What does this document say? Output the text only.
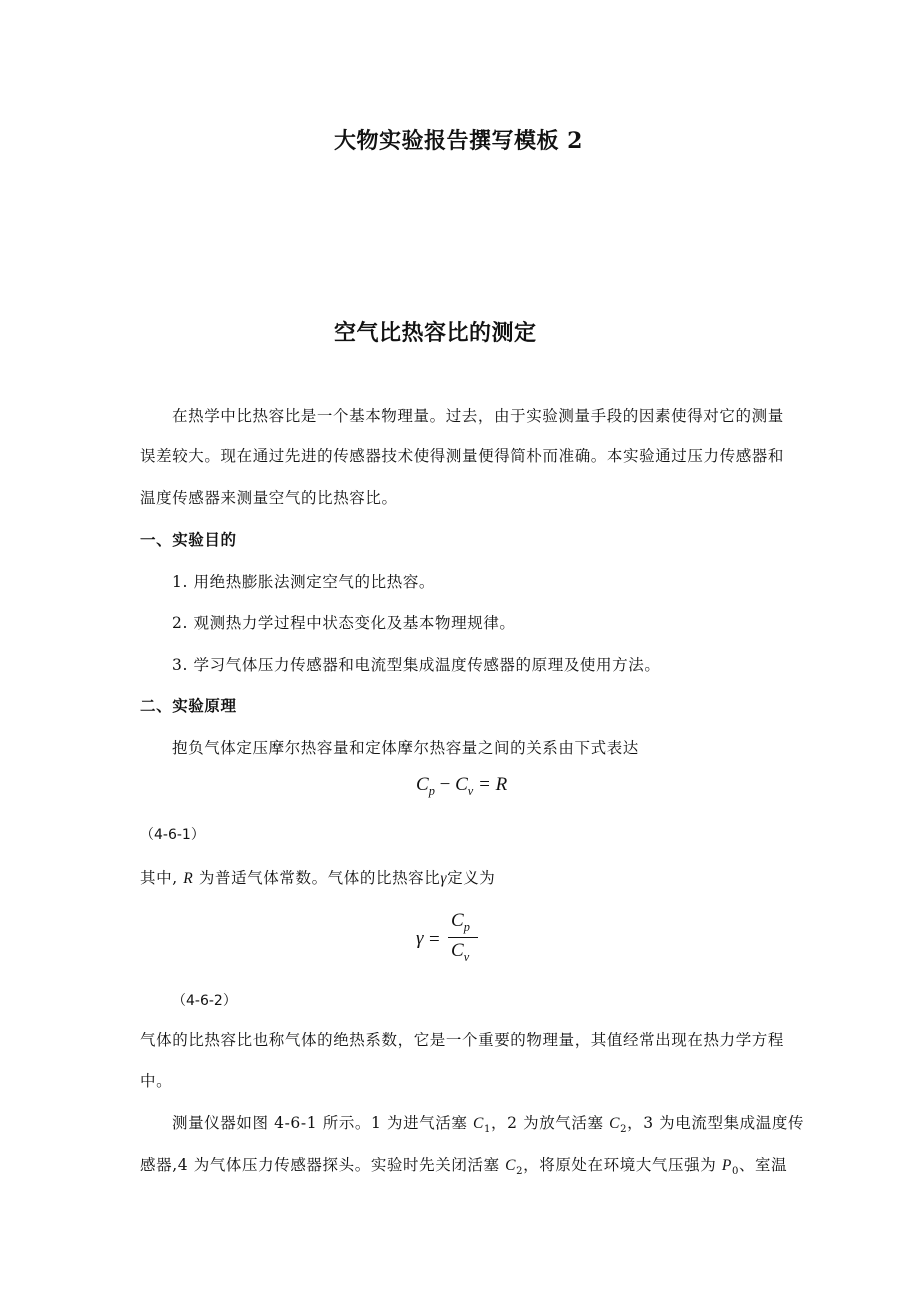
大物实验报告撰写模板 2
空气比热容比的测定
在热学中比热容比是一个基本物理量。过去，由于实验测量手段的因素使得对它的测量
误差较大。现在通过先进的传感器技术使得测量便得简朴而准确。本实验通过压力传感器和
温度传感器来测量空气的比热容比。
一、实验目的
1. 用绝热膨胀法测定空气的比热容。
2. 观测热力学过程中状态变化及基本物理规律。
3. 学习气体压力传感器和电流型集成温度传感器的原理及使用方法。
二、实验原理
抱负气体定压摩尔热容量和定体摩尔热容量之间的关系由下式表达
$C_p - C_v = R$
（4-6-1）
其中, R 为普适气体常数。气体的比热容比γ定义为
γ =
$C_p$
$C_v$
（4-6-2）
气体的比热容比也称气体的绝热系数，它是一个重要的物理量，其值经常出现在热力学方程
中。
测量仪器如图 4-6-1 所示。1 为进气活塞 $C_1$，2 为放气活塞 $C_2$，3 为电流型集成温度传
感器,4 为气体压力传感器探头。实验时先关闭活塞 $C_2$，将原处在环境大气压强为 $P_0$、室温
